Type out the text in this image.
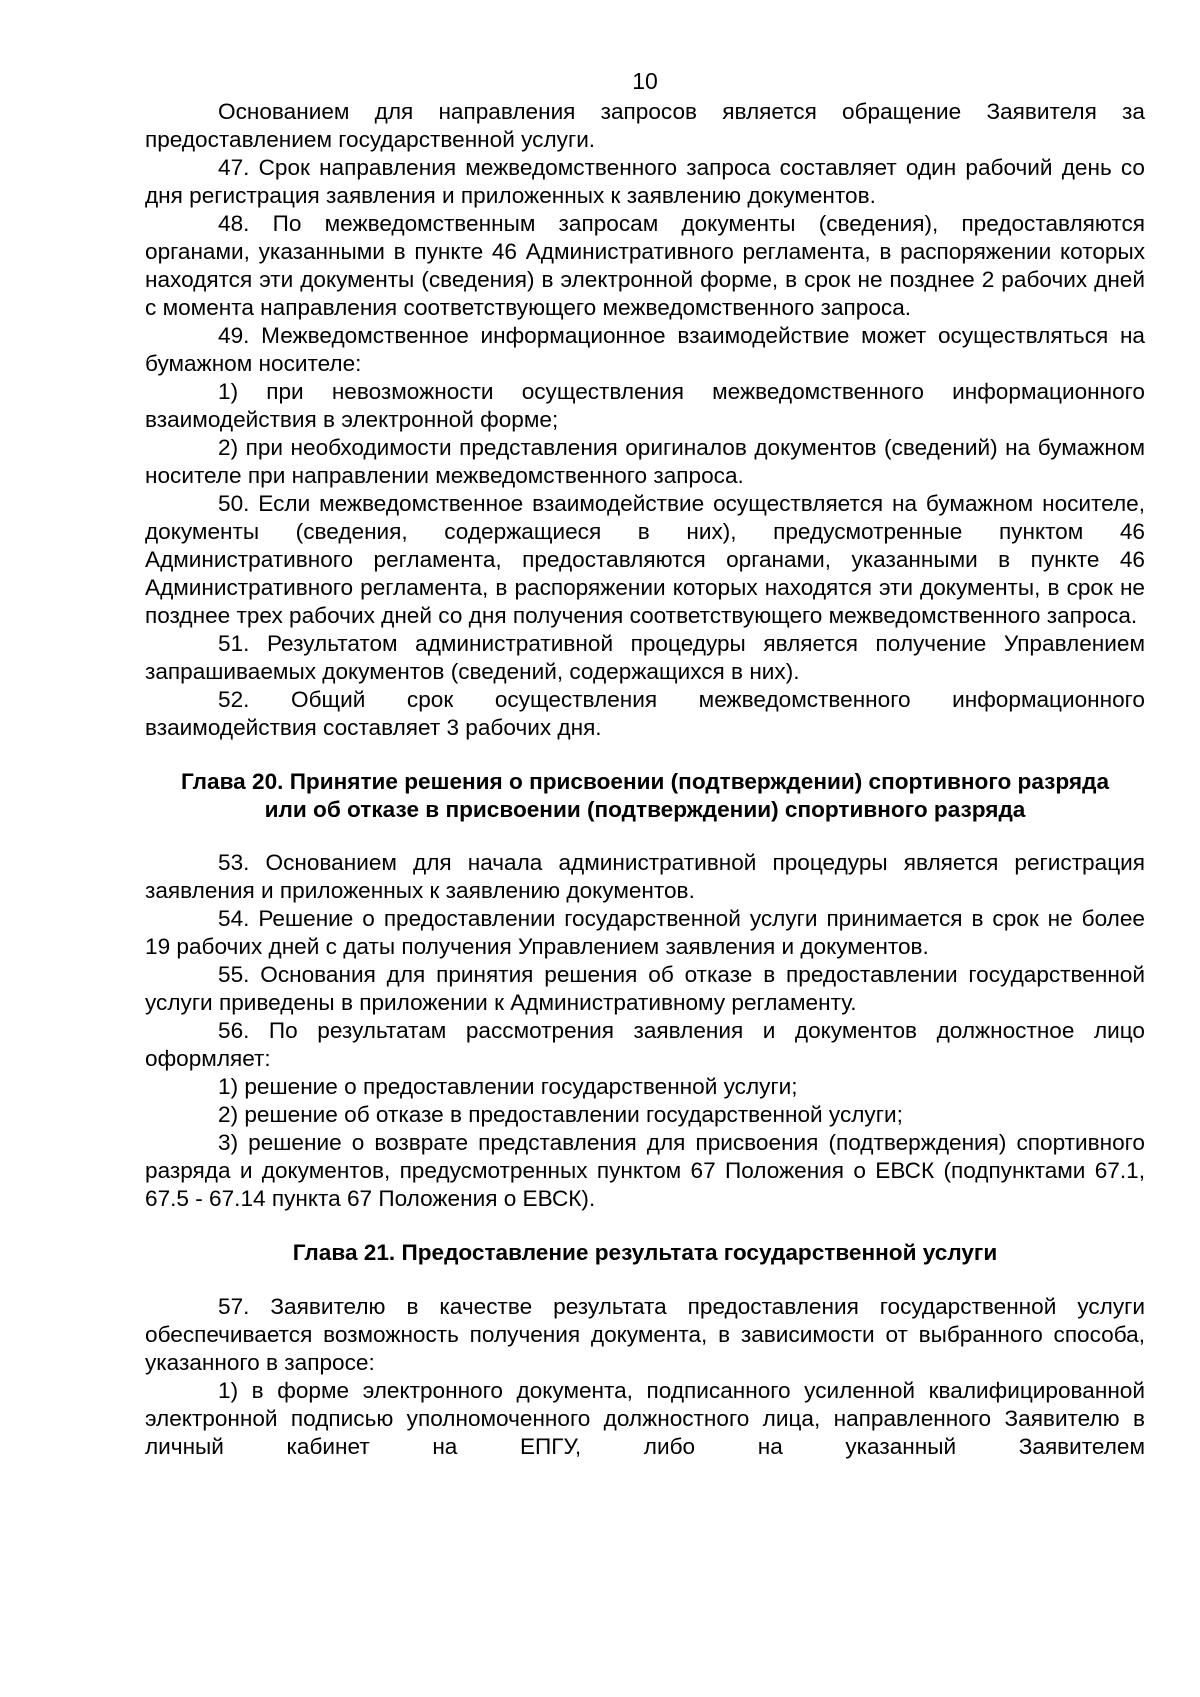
10

Основанием для направления запросов является обращение Заявителя за предоставлением государственной услуги.

47. Срок направления межведомственного запроса составляет один рабочий день со дня регистрация заявления и приложенных к заявлению документов.

48. По межведомственным запросам документы (сведения), предоставляются органами, указанными в пункте 46 Административного регламента, в распоряжении которых находятся эти документы (сведения) в электронной форме, в срок не позднее 2 рабочих дней с момента направления соответствующего межведомственного запроса.

49. Межведомственное информационное взаимодействие может осуществляться на бумажном носителе:

1) при невозможности осуществления межведомственного информационного взаимодействия в электронной форме;

2) при необходимости представления оригиналов документов (сведений) на бумажном носителе при направлении межведомственного запроса.

50. Если межведомственное взаимодействие осуществляется на бумажном носителе, документы (сведения, содержащиеся в них), предусмотренные пунктом 46 Административного регламента, предоставляются органами, указанными в пункте 46 Административного регламента, в распоряжении которых находятся эти документы, в срок не позднее трех рабочих дней со дня получения соответствующего межведомственного запроса.

51. Результатом административной процедуры является получение Управлением запрашиваемых документов (сведений, содержащихся в них).

52. Общий срок осуществления межведомственного информационного взаимодействия составляет 3 рабочих дня.

Глава 20. Принятие решения о присвоении (подтверждении) спортивного разряда
или об отказе в присвоении (подтверждении) спортивного разряда

53. Основанием для начала административной процедуры является регистрация заявления и приложенных к заявлению документов.

54. Решение о предоставлении государственной услуги принимается в срок не более 19 рабочих дней с даты получения Управлением заявления и документов.

55. Основания для принятия решения об отказе в предоставлении государственной услуги приведены в приложении к Административному регламенту.

56. По результатам рассмотрения заявления и документов должностное лицо оформляет:

1) решение о предоставлении государственной услуги;

2) решение об отказе в предоставлении государственной услуги;

3) решение о возврате представления для присвоения (подтверждения) спортивного разряда и документов, предусмотренных пунктом 67 Положения о ЕВСК (подпунктами 67.1, 67.5 - 67.14 пункта 67 Положения о ЕВСК).

Глава 21. Предоставление результата государственной услуги

57. Заявителю в качестве результата предоставления государственной услуги обеспечивается возможность получения документа, в зависимости от выбранного способа, указанного в запросе:

1) в форме электронного документа, подписанного усиленной квалифицированной электронной подписью уполномоченного должностного лица, направленного Заявителю в личный кабинет на ЕПГУ, либо на указанный Заявителем
